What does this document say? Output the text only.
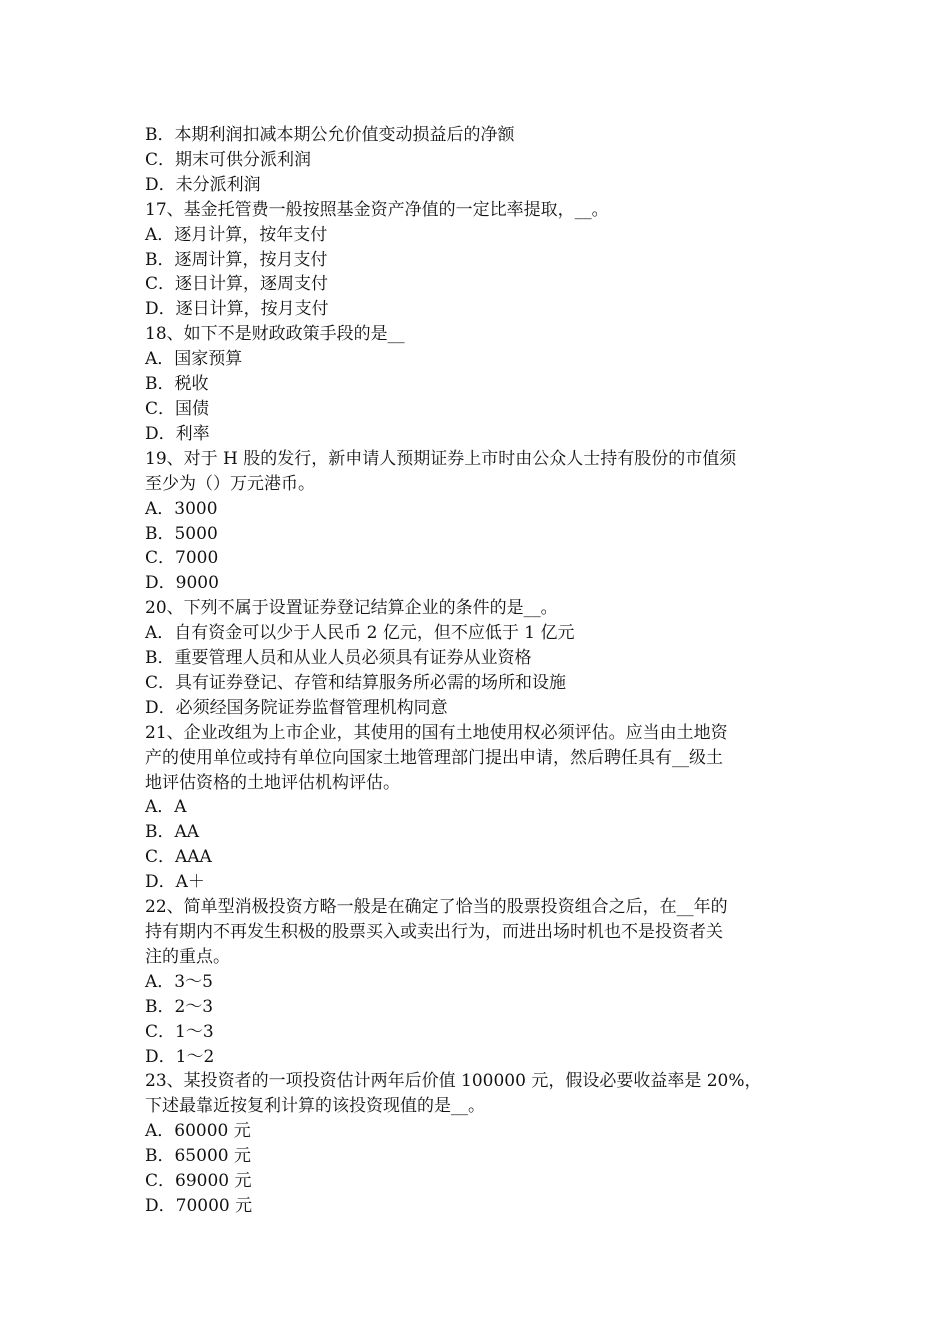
B．本期利润扣减本期公允价值变动损益后的净额

C．期末可供分派利润

D．未分派利润

17、基金托管费一般按照基金资产净值的一定比率提取，__。

A．逐月计算，按年支付

B．逐周计算，按月支付

C．逐日计算，逐周支付

D．逐日计算，按月支付

18、如下不是财政政策手段的是__

A．国家预算

B．税收

C．国债

D．利率

19、对于 H 股的发行，新申请人预期证券上市时由公众人士持有股份的市值须

至少为（）万元港币。

A．3000

B．5000

C．7000

D．9000

20、下列不属于设置证券登记结算企业的条件的是__。

A．自有资金可以少于人民币 2 亿元，但不应低于 1 亿元

B．重要管理人员和从业人员必须具有证券从业资格

C．具有证券登记、存管和结算服务所必需的场所和设施

D．必须经国务院证券监督管理机构同意

21、企业改组为上市企业，其使用的国有土地使用权必须评估。应当由土地资

产的使用单位或持有单位向国家土地管理部门提出申请，然后聘任具有__级土

地评估资格的土地评估机构评估。

A．A

B．AA

C．AAA

D．A＋

22、简单型消极投资方略一般是在确定了恰当的股票投资组合之后，在__年的

持有期内不再发生积极的股票买入或卖出行为，而进出场时机也不是投资者关

注的重点。

A．3～5

B．2～3

C．1～3

D．1～2

23、某投资者的一项投资估计两年后价值 100000 元，假设必要收益率是 20%，

下述最靠近按复利计算的该投资现值的是__。

A．60000 元

B．65000 元

C．69000 元

D．70000 元
